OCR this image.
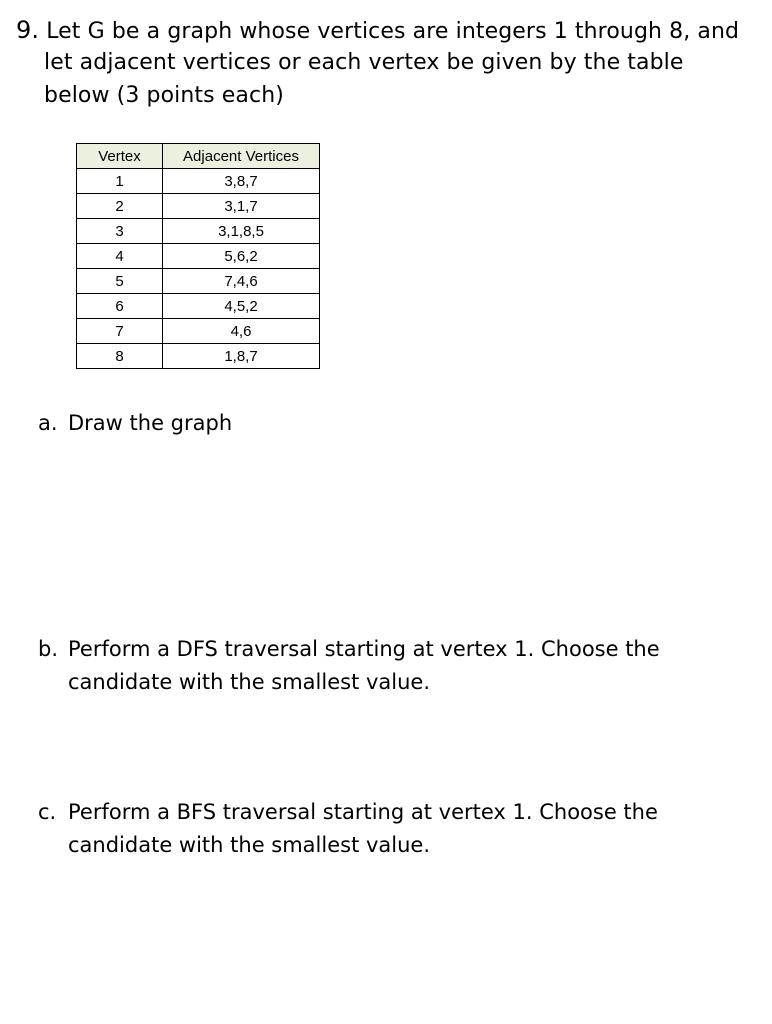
9. Let G be a graph whose vertices are integers 1 through 8, and
let adjacent vertices or each vertex be given by the table
below (3 points each)
Vertex	Adjacent Vertices
1	3,8,7
2	3,1,7
3	3,1,8,5
4	5,6,2
5	7,4,6
6	4,5,2
7	4,6
8	1,8,7
a. Draw the graph
b. Perform a DFS traversal starting at vertex 1. Choose the
candidate with the smallest value.
c. Perform a BFS traversal starting at vertex 1. Choose the
candidate with the smallest value.
